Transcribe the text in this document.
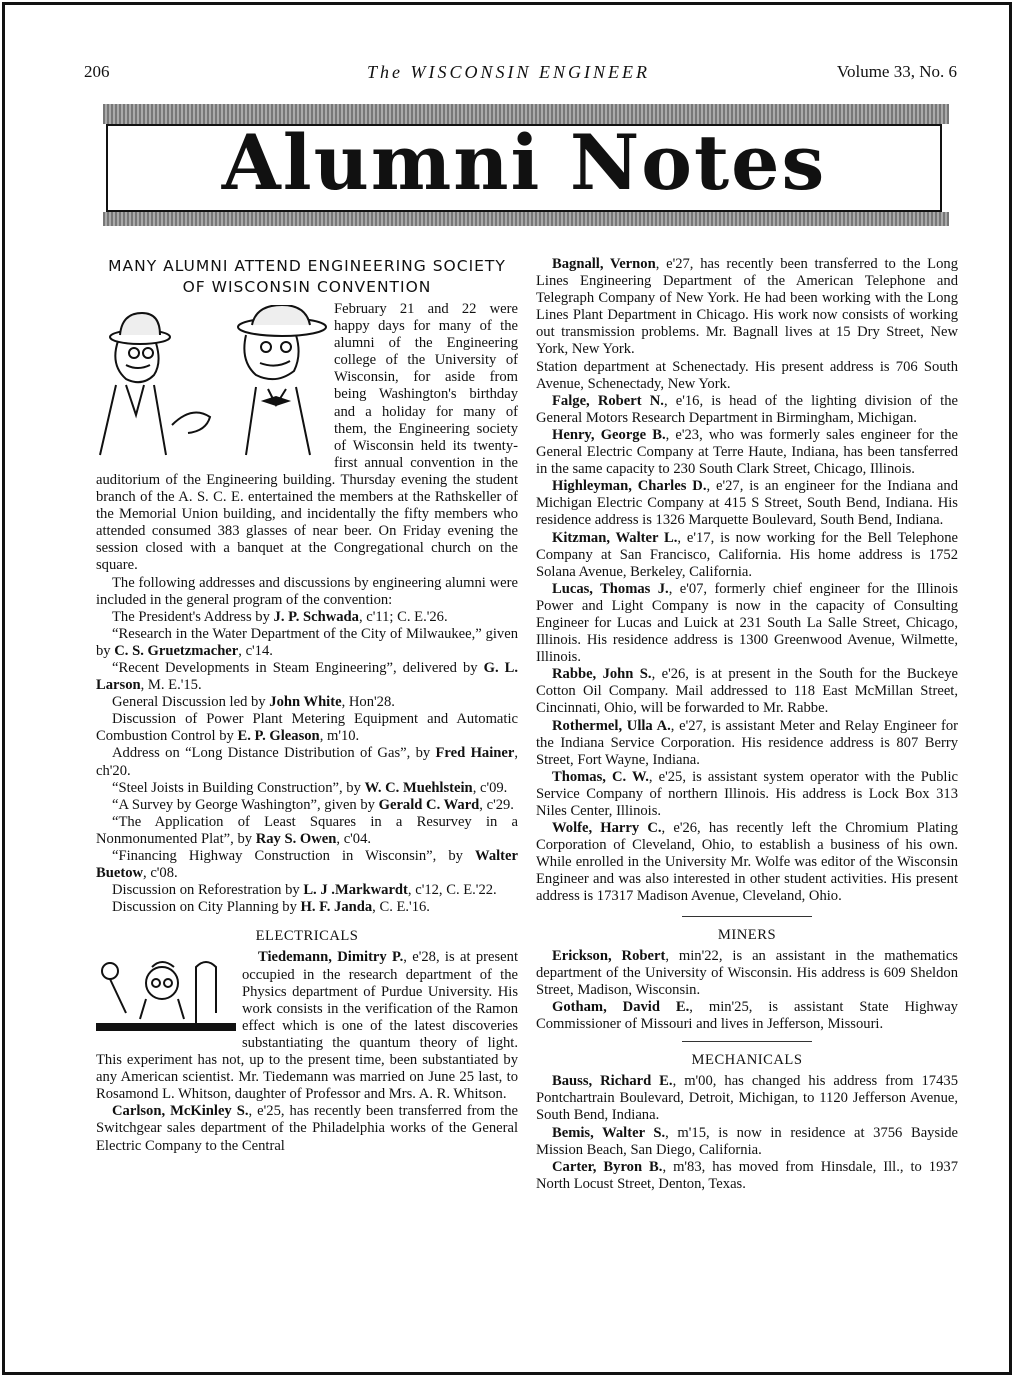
206	The WISCONSIN ENGINEER	Volume 33, No. 6
Alumni Notes
MANY ALUMNI ATTEND ENGINEERING SOCIETY OF WISCONSIN CONVENTION

February 21 and 22 were happy days for many of the alumni of the Engineering college of the University of Wisconsin, for aside from being Washington's birthday and a holiday for many of them, the Engineering society of Wisconsin held its twenty-first annual convention in the auditorium of the Engineering building. Thursday evening the student branch of the A. S. C. E. entertained the members at the Rathskeller of the Memorial Union building, and incidentally the fifty members who attended consumed 383 glasses of near beer. On Friday evening the session closed with a banquet at the Congregational church on the square.

The following addresses and discussions by engineering alumni were included in the general program of the convention:

The President's Address by J. P. Schwada, c'11; C. E.'26.

“Research in the Water Department of the City of Milwaukee,” given by C. S. Gruetzmacher, c'14.

“Recent Developments in Steam Engineering”, delivered by G. L. Larson, M. E.'15.

General Discussion led by John White, Hon'28.

Discussion of Power Plant Metering Equipment and Automatic Combustion Control by E. P. Gleason, m'10.

Address on “Long Distance Distribution of Gas”, by Fred Hainer, ch'20.

“Steel Joists in Building Construction”, by W. C. Muehlstein, c'09.

“A Survey by George Washington”, given by Gerald C. Ward, c'29.

“The Application of Least Squares in a Resurvey in a Nonmonumented Plat”, by Ray S. Owen, c'04.

“Financing Highway Construction in Wisconsin”, by Walter Buetow, c'08.

Discussion on Reforestration by L. J .Markwardt, c'12, C. E.'22.

Discussion on City Planning by H. F. Janda, C. E.'16.

ELECTRICALS

Tiedemann, Dimitry P., e'28, is at present occupied in the research department of the Physics department of Purdue University. His work consists in the verification of the Ramon effect which is one of the latest discoveries substantiating the quantum theory of light. This experiment has not, up to the present time, been substantiated by any American scientist. Mr. Tiedemann was married on June 25 last, to Rosamond L. Whitson, daughter of Professor and Mrs. A. R. Whitson.

Carlson, McKinley S., e'25, has recently been transferred from the Switchgear sales department of the Philadelphia works of the General Electric Company to the Central

Bagnall, Vernon, e'27, has recently been transferred to the Long Lines Engineering Department of the American Telephone and Telegraph Company of New York. He had been working with the Long Lines Plant Department in Chicago. His work now consists of working out transmission problems. Mr. Bagnall lives at 15 Dry Street, New York, New York.

Station department at Schenectady. His present address is 706 South Avenue, Schenectady, New York.

Falge, Robert N., e'16, is head of the lighting division of the General Motors Research Department in Birmingham, Michigan.

Henry, George B., e'23, who was formerly sales engineer for the General Electric Company at Terre Haute, Indiana, has been tansferred in the same capacity to 230 South Clark Street, Chicago, Illinois.

Highleyman, Charles D., e'27, is an engineer for the Indiana and Michigan Electric Company at 415 S Street, South Bend, Indiana. His residence address is 1326 Marquette Boulevard, South Bend, Indiana.

Kitzman, Walter L., e'17, is now working for the Bell Telephone Company at San Francisco, California. His home address is 1752 Solana Avenue, Berkeley, California.

Lucas, Thomas J., e'07, formerly chief engineer for the Illinois Power and Light Company is now in the capacity of Consulting Engineer for Lucas and Luick at 231 South La Salle Street, Chicago, Illinois. His residence address is 1300 Greenwood Avenue, Wilmette, Illinois.

Rabbe, John S., e'26, is at present in the South for the Buckeye Cotton Oil Company. Mail addressed to 118 East McMillan Street, Cincinnati, Ohio, will be forwarded to Mr. Rabbe.

Rothermel, Ulla A., e'27, is assistant Meter and Relay Engineer for the Indiana Service Corporation. His residence address is 807 Berry Street, Fort Wayne, Indiana.

Thomas, C. W., e'25, is assistant system operator with the Public Service Company of northern Illinois. His address is Lock Box 313 Niles Center, Illinois.

Wolfe, Harry C., e'26, has recently left the Chromium Plating Corporation of Cleveland, Ohio, to establish a business of his own. While enrolled in the University Mr. Wolfe was editor of the Wisconsin Engineer and was also interested in other student activities. His present address is 17317 Madison Avenue, Cleveland, Ohio.

MINERS

Erickson, Robert, min'22, is an assistant in the mathematics department of the University of Wisconsin. His address is 609 Sheldon Street, Madison, Wisconsin.

Gotham, David E., min'25, is assistant State Highway Commissioner of Missouri and lives in Jefferson, Missouri.

MECHANICALS

Bauss, Richard E., m'00, has changed his address from 17435 Pontchartrain Boulevard, Detroit, Michigan, to 1120 Jefferson Avenue, South Bend, Indiana.

Bemis, Walter S., m'15, is now in residence at 3756 Bayside Mission Beach, San Diego, California.

Carter, Byron B., m'83, has moved from Hinsdale, Ill., to 1937 North Locust Street, Denton, Texas.
